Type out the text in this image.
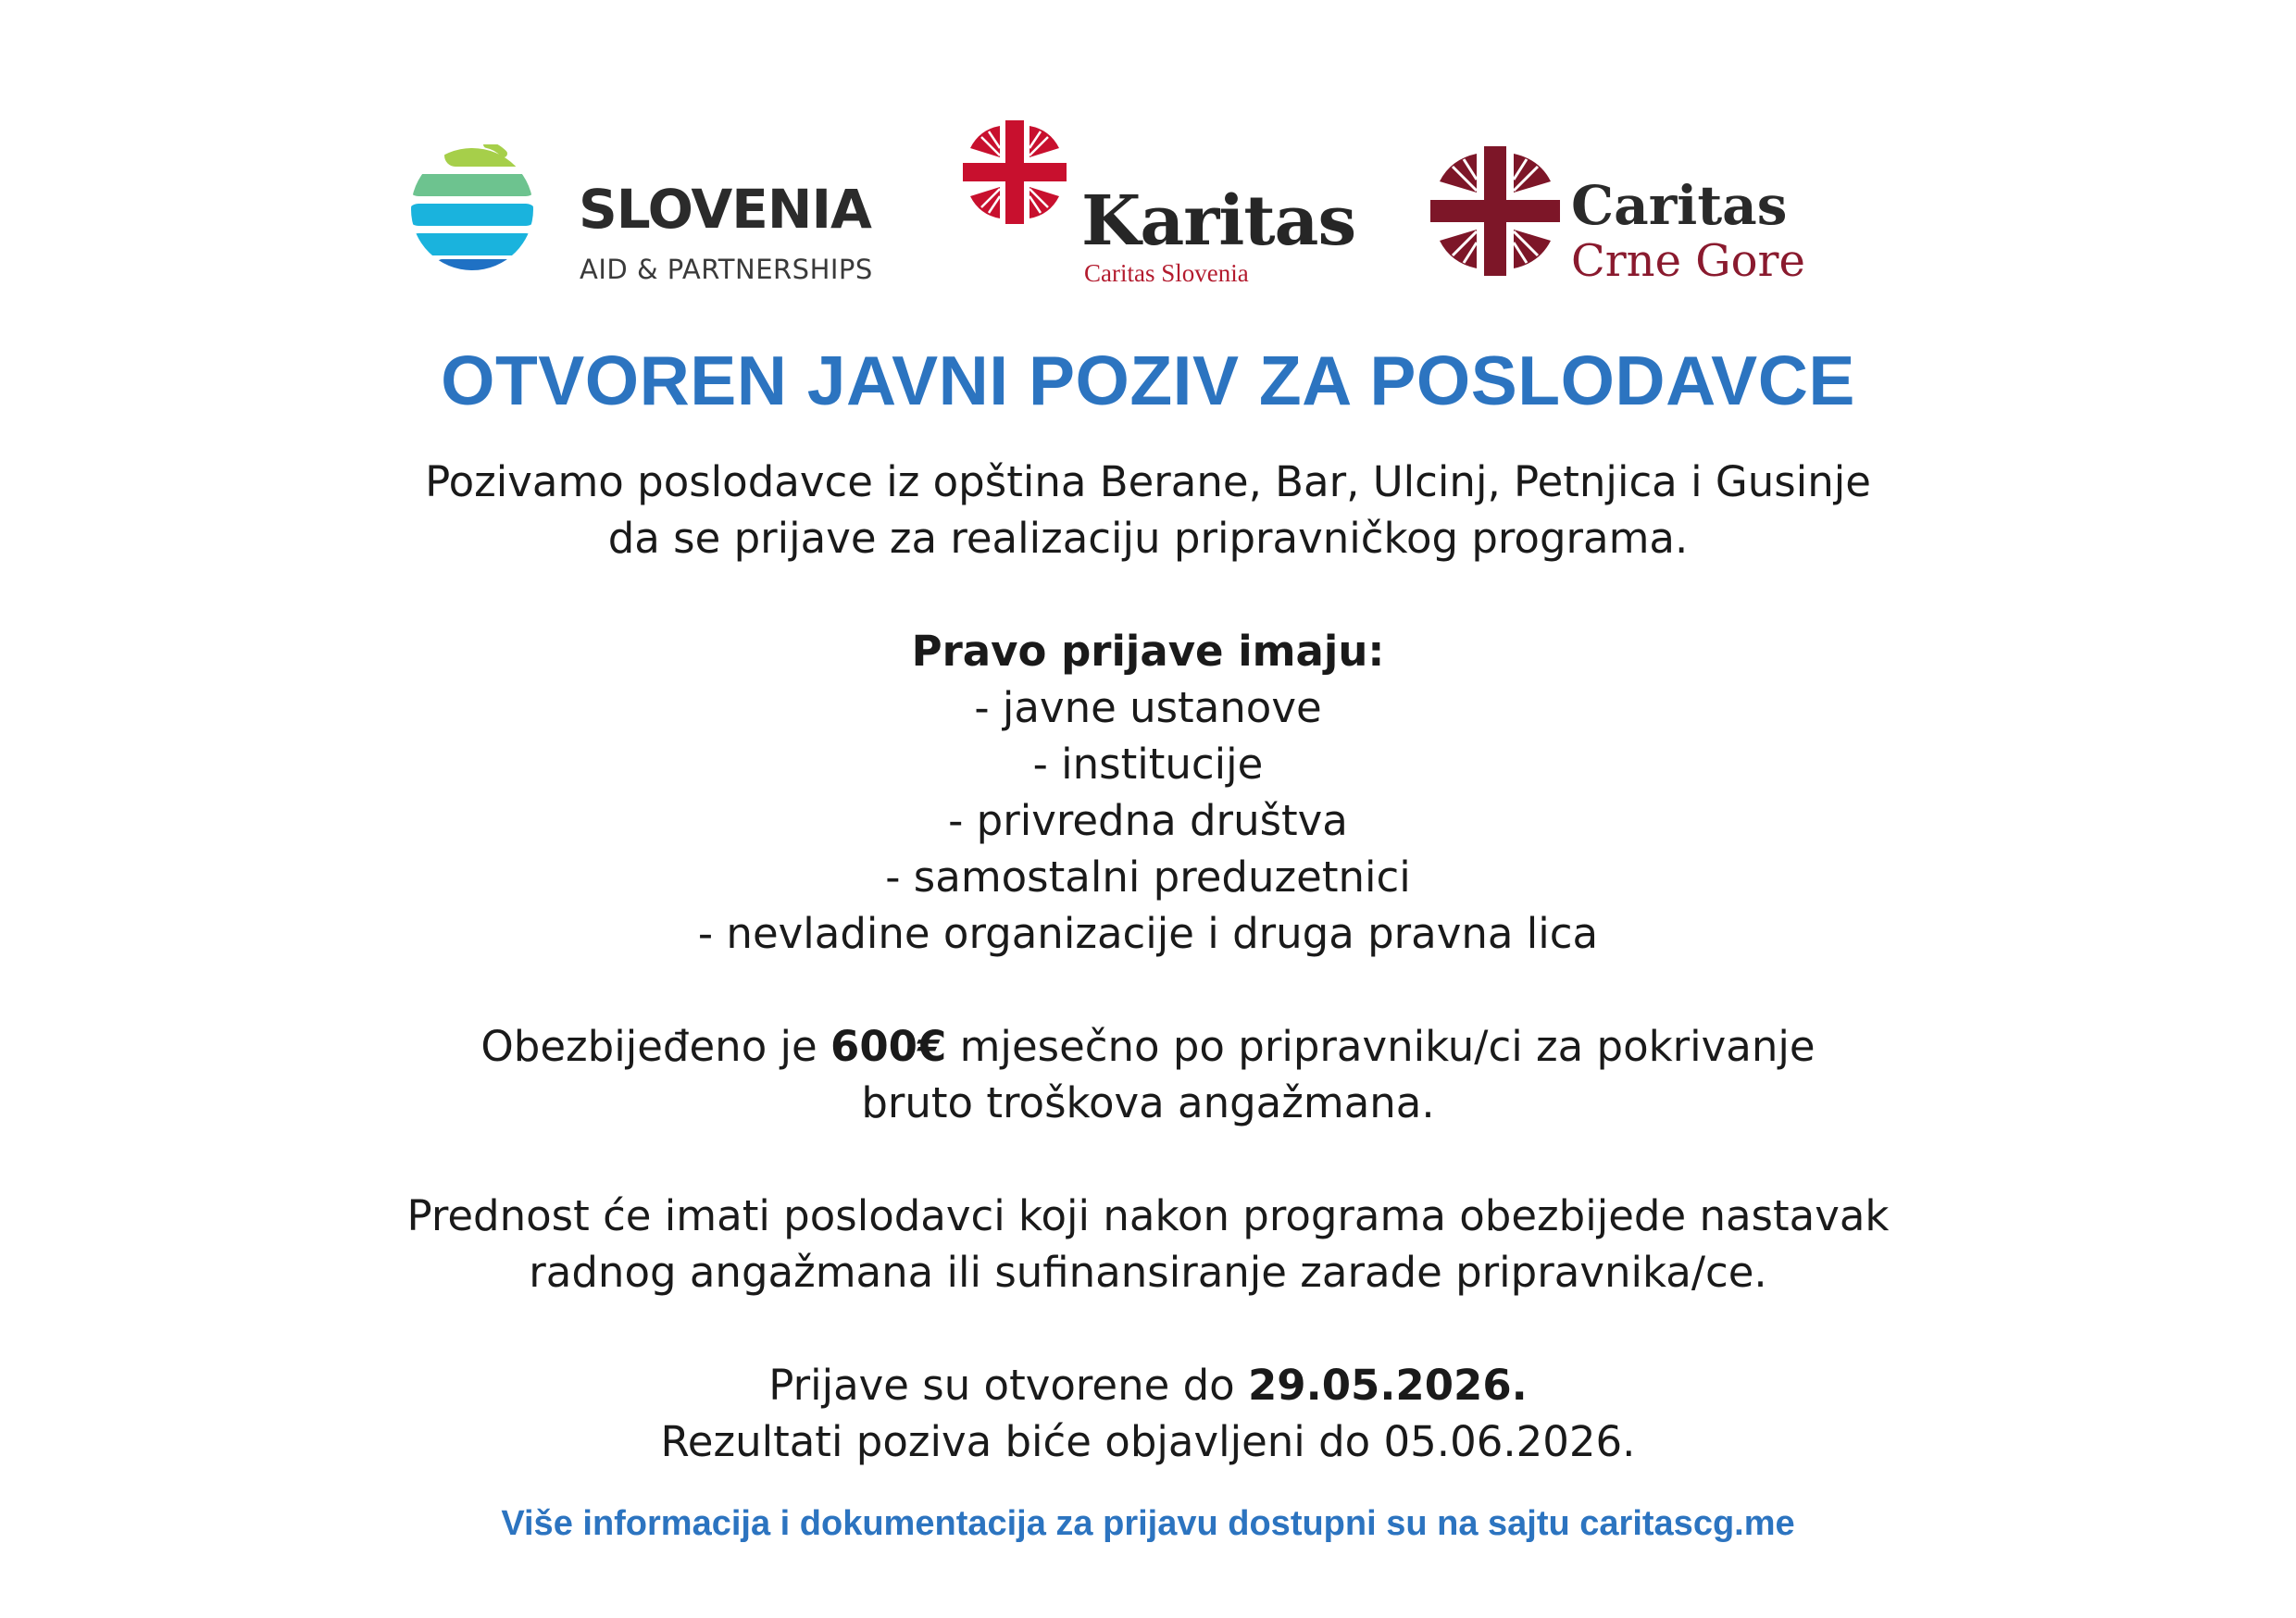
SLOVENIA
AID & PARTNERSHIPS
Karitas
Caritas Slovenia
Caritas
Crne Gore
OTVOREN JAVNI POZIV ZA POSLODAVCE

Pozivamo poslodavce iz opština Berane, Bar, Ulcinj, Petnjica i Gusinje

da se prijave za realizaciju pripravničkog programa.

Pravo prijave imaju:

- javne ustanove

- institucije

- privredna društva

- samostalni preduzetnici

- nevladine organizacije i druga pravna lica

Obezbijeđeno je 600€ mjesečno po pripravniku/ci za pokrivanje

bruto troškova angažmana.

Prednost će imati poslodavci koji nakon programa obezbijede nastavak

radnog angažmana ili sufinansiranje zarade pripravnika/ce.

Prijave su otvorene do 29.05.2026.

Rezultati poziva biće objavljeni do 05.06.2026.

Više informacija i dokumentacija za prijavu dostupni su na sajtu caritascg.me
